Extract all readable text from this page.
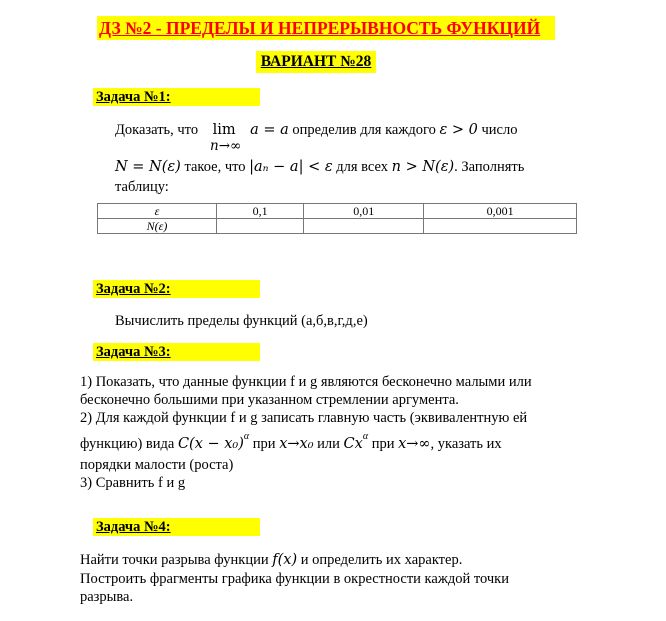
ДЗ №2 - ПРЕДЕЛЫ И НЕПРЕРЫВНОСТЬ ФУНКЦИЙ
ВАРИАНТ №28
Задача №1:
Доказать, что lim a = a определив для каждого ε > 0 число
n→∞
N = N(ε) такое, что |aₙ − a| < ε для всех n > N(ε). Заполнять
таблицу:
ε	0,1	0,01	0,001
N(ε)			
Задача №2:
Вычислить пределы функций (а,б,в,г,д,е)
Задача №3:
1) Показать, что данные функции f и g являются бесконечно малыми или
бесконечно большими при указанном стремлении аргумента.
2) Для каждой функции f и g записать главную часть (эквивалентную ей
функцию) вида $C(x - x_0)^\alpha$ при x→x₀ или $Cx^\alpha$ при x→∞, указать их
порядки малости (роста)
3) Сравнить f и g
Задача №4:
Найти точки разрыва функции f(x) и определить их характер.
Построить фрагменты графика функции в окрестности каждой точки
разрыва.
